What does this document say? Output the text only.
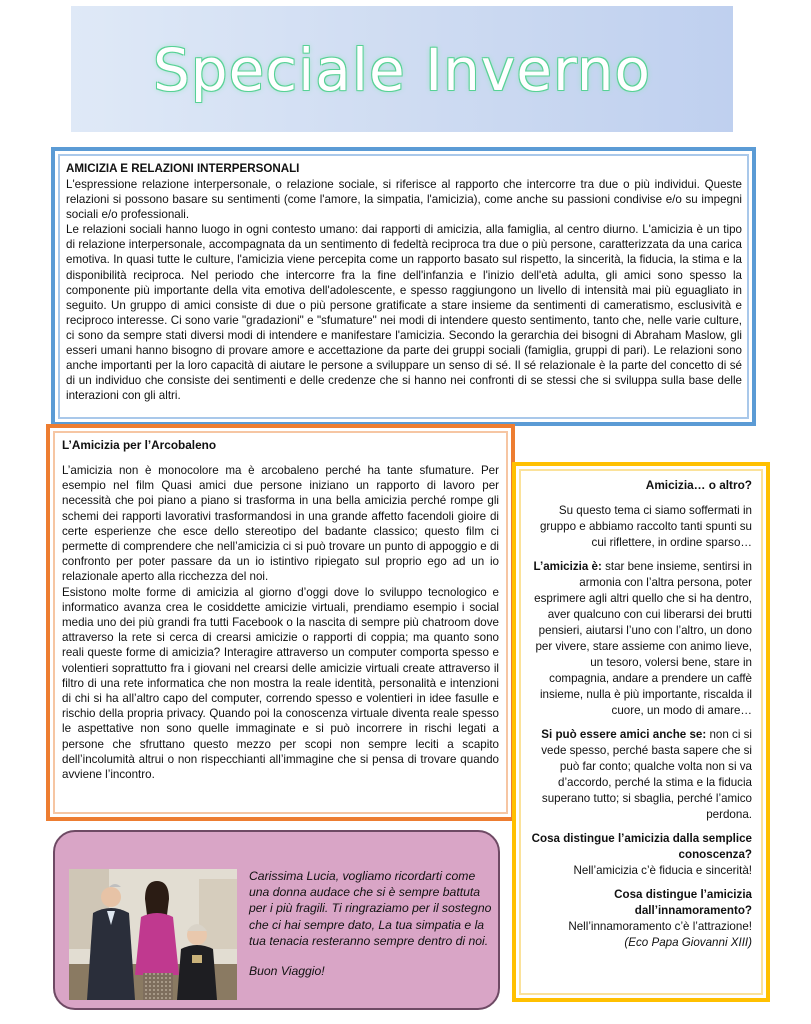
Speciale Inverno
AMICIZIA E RELAZIONI INTERPERSONALI

L'espressione relazione interpersonale, o relazione sociale, si riferisce al rapporto che intercorre tra due o più individui. Queste relazioni si possono basare su sentimenti (come l'amore, la simpatia, l'amicizia), come anche su passioni condivise e/o su impegni sociali e/o professionali.

Le relazioni sociali hanno luogo in ogni contesto umano: dai rapporti di amicizia, alla famiglia, al centro diurno. L'amicizia è un tipo di relazione interpersonale, accompagnata da un sentimento di fedeltà reciproca tra due o più persone, caratterizzata da una carica emotiva. In quasi tutte le culture, l'amicizia viene percepita come un rapporto basato sul rispetto, la sincerità, la fiducia, la stima e la disponibilità reciproca. Nel periodo che intercorre fra la fine dell'infanzia e l'inizio dell'età adulta, gli amici sono spesso la componente più importante della vita emotiva dell'adolescente, e spesso raggiungono un livello di intensità mai più eguagliato in seguito. Un gruppo di amici consiste di due o più persone gratificate a stare insieme da sentimenti di cameratismo, esclusività e reciproco interesse. Ci sono varie "gradazioni" e "sfumature" nei modi di intendere questo sentimento, tanto che, nelle varie culture, ci sono da sempre stati diversi modi di intendere e manifestare l'amicizia. Secondo la gerarchia dei bisogni di Abraham Maslow, gli esseri umani hanno bisogno di provare amore e accettazione da parte dei gruppi sociali (famiglia, gruppi di pari). Le relazioni sono anche importanti per la loro capacità di aiutare le persone a sviluppare un senso di sé. Il sé relazionale è la parte del concetto di sé di un individuo che consiste dei sentimenti e delle credenze che si hanno nei confronti di se stessi che si sviluppa sulla base delle interazioni con gli altri.

L’Amicizia per l’Arcobaleno

L’amicizia non è monocolore ma è arcobaleno perché ha tante sfumature. Per esempio nel film Quasi amici due persone iniziano un rapporto di lavoro per necessità che poi piano a piano si trasforma in una bella amicizia perché rompe gli schemi dei rapporti lavorativi trasformandosi in una grande affetto facendoli gioire di certe esperienze che esce dello stereotipo del badante classico; questo film ci permette di comprendere che nell’amicizia ci si può trovare un punto di appoggio e di confronto per poter passare da un io istintivo ripiegato sul proprio ego ad un io relazionale aperto alla ricchezza del noi.

Esistono molte forme di amicizia al giorno d’oggi dove lo sviluppo tecnologico e informatico avanza crea le cosiddette amicizie virtuali, prendiamo esempio i social media uno dei più grandi fra tutti Facebook o la nascita di sempre più chatroom dove attraverso la rete si cerca di crearsi amicizie o rapporti di coppia; ma quanto sono reali queste forme di amicizia? Interagire attraverso un computer comporta spesso e volentieri soprattutto fra i giovani nel crearsi delle amicizie virtuali create attraverso il filtro di una rete informatica che non mostra la reale identità, personalità e intenzioni di chi si ha all’altro capo del computer, correndo spesso e volentieri in idee fasulle e rischio della propria privacy. Quando poi la conoscenza virtuale diventa reale spesso le aspettative non sono quelle immaginate e si può incorrere in rischi legati a persone che sfruttano questo mezzo per scopi non sempre leciti a scapito dell’incolumità altrui o non rispecchianti all’immagine che si pensa di trovare quando avviene l’incontro.

Amicizia… o altro?

Su questo tema ci siamo soffermati in gruppo e abbiamo raccolto tanti spunti su cui riflettere, in ordine sparso…

L’amicizia è: star bene insieme, sentirsi in armonia con l’altra persona, poter esprimere agli altri quello che si ha dentro, aver qualcuno con cui liberarsi dei brutti pensieri, aiutarsi l’uno con l’altro, un dono per vivere, stare assieme con animo lieve, un tesoro, volersi bene, stare in compagnia, andare a prendere un caffè insieme, nulla è più importante, riscalda il cuore, un modo di amare…

Si può essere amici anche se: non ci si vede spesso, perché basta sapere che si può far conto; qualche volta non si va d’accordo, perché la stima e la fiducia superano tutto; si sbaglia, perché l’amico perdona.

Cosa distingue l’amicizia dalla semplice conoscenza?

Nell’amicizia c’è fiducia e sincerità!

Cosa distingue l’amicizia dall’innamoramento?

Nell’innamoramento c’è l’attrazione!

(Eco Papa Giovanni XIII)

Carissima Lucia, vogliamo ricordarti come una donna audace che si è sempre battuta per i più fragili. Ti ringraziamo per il sostegno che ci hai sempre dato, La tua simpatia e la tua tenacia resteranno sempre dentro di noi.

Buon Viaggio!
